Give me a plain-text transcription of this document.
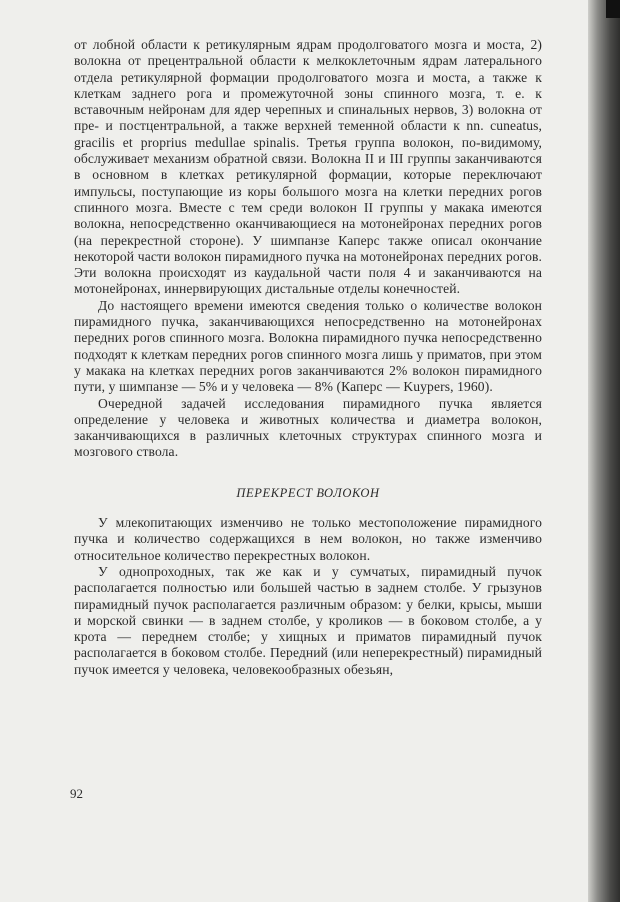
от лобной области к ретикулярным ядрам продолговатого мозга и моста, 2) волокна от прецентральной области к мелкоклеточным ядрам латерального отдела ретикулярной формации продолговатого мозга и моста, а также к клеткам заднего рога и промежуточной зоны спинного мозга, т. е. к вставочным нейронам для ядер черепных и спинальных нервов, 3) волокна от пре- и постцентральной, а также верхней теменной области к nn. cuneatus, gracilis et proprius medullae spinalis. Третья группа волокон, по-видимому, обслуживает механизм обратной связи. Волокна II и III группы заканчиваются в основном в клетках ретикулярной формации, которые переключают импульсы, поступающие из коры большого мозга на клетки передних рогов спинного мозга. Вместе с тем среди волокон II группы у макака имеются волокна, непосредственно оканчивающиеся на мотонейронах передних рогов (на перекрестной стороне). У шимпанзе Каперс также описал окончание некоторой части волокон пирамидного пучка на мотонейронах передних рогов. Эти волокна происходят из каудальной части поля 4 и заканчиваются на мотонейронах, иннервирующих дистальные отделы конечностей.

До настоящего времени имеются сведения только о количестве волокон пирамидного пучка, заканчивающихся непосредственно на мотонейронах передних рогов спинного мозга. Волокна пирамидного пучка непосредственно подходят к клеткам передних рогов спинного мозга лишь у приматов, при этом у макака на клетках передних рогов заканчиваются 2% волокон пирамидного пути, у шимпанзе — 5% и у человека — 8% (Каперс — Kuypers, 1960).

Очередной задачей исследования пирамидного пучка является определение у человека и животных количества и диаметра волокон, заканчивающихся в различных клеточных структурах спинного мозга и мозгового ствола.

ПЕРЕКРЕСТ ВОЛОКОН

У млекопитающих изменчиво не только местоположение пирамидного пучка и количество содержащихся в нем волокон, но также изменчиво относительное количество перекрестных волокон.

У однопроходных, так же как и у сумчатых, пирамидный пучок располагается полностью или большей частью в заднем столбе. У грызунов пирамидный пучок располагается различным образом: у белки, крысы, мыши и морской свинки — в заднем столбе, у кроликов — в боковом столбе, а у крота — переднем столбе; у хищных и приматов пирамидный пучок располагается в боковом столбе. Передний (или неперекрестный) пирамидный пучок имеется у человека, человекообразных обезьян,

92
